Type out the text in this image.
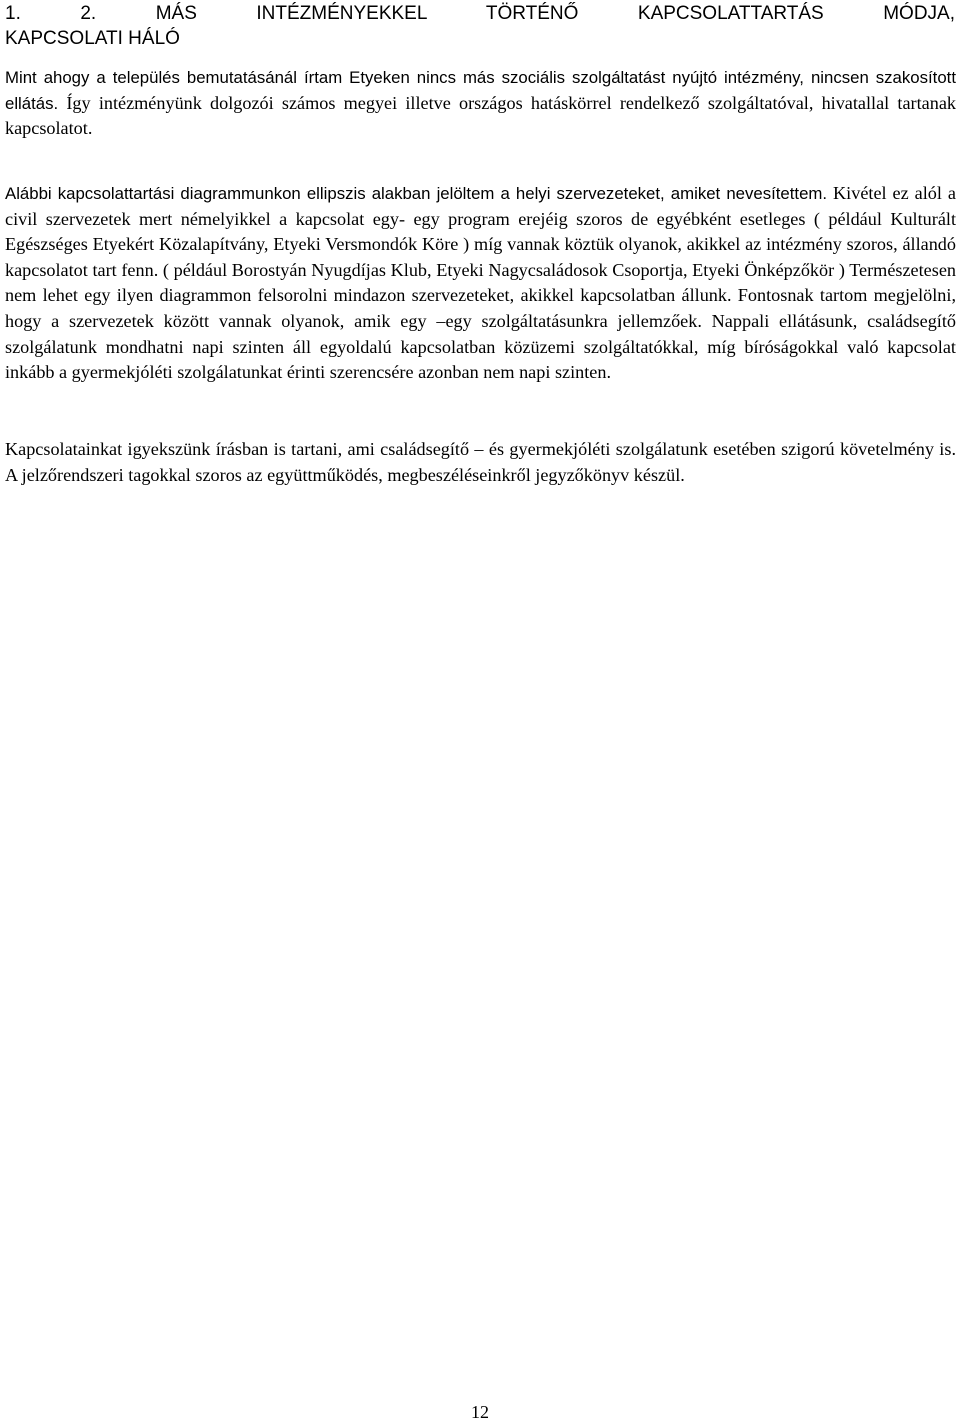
1. 2. MÁS INTÉZMÉNYEKKEL TÖRTÉNŐ KAPCSOLATTARTÁS MÓDJA,
KAPCSOLATI HÁLÓ

Mint ahogy a település bemutatásánál írtam Etyeken nincs más szociális szolgáltatást nyújtó intézmény, nincsen szakosított ellátás. Így intézményünk dolgozói számos megyei illetve országos hatáskörrel rendelkező szolgáltatóval, hivatallal tartanak kapcsolatot.

Alábbi kapcsolattartási diagrammunkon ellipszis alakban jelöltem a helyi szervezeteket, amiket nevesítettem. Kivétel ez alól a civil szervezetek mert némelyikkel a kapcsolat egy- egy program erejéig szoros de egyébként esetleges ( például Kulturált Egészséges Etyekért Közalapítvány, Etyeki Versmondók Köre ) míg vannak köztük olyanok, akikkel az intézmény szoros, állandó kapcsolatot tart fenn. ( például Borostyán Nyugdíjas Klub, Etyeki Nagycsaládosok Csoportja, Etyeki Önképzőkör ) Természetesen nem lehet egy ilyen diagrammon felsorolni mindazon szervezeteket, akikkel kapcsolatban állunk. Fontosnak tartom megjelölni, hogy a szervezetek között vannak olyanok, amik egy –egy szolgáltatásunkra jellemzőek. Nappali ellátásunk, családsegítő szolgálatunk mondhatni napi szinten áll egyoldalú kapcsolatban közüzemi szolgáltatókkal, míg bíróságokkal való kapcsolat inkább a gyermekjóléti szolgálatunkat érinti szerencsére azonban nem napi szinten.

Kapcsolatainkat igyekszünk írásban is tartani, ami családsegítő – és gyermekjóléti szolgálatunk esetében szigorú követelmény is. A jelzőrendszeri tagokkal szoros az együttműködés, megbeszéléseinkről jegyzőkönyv készül.

12
